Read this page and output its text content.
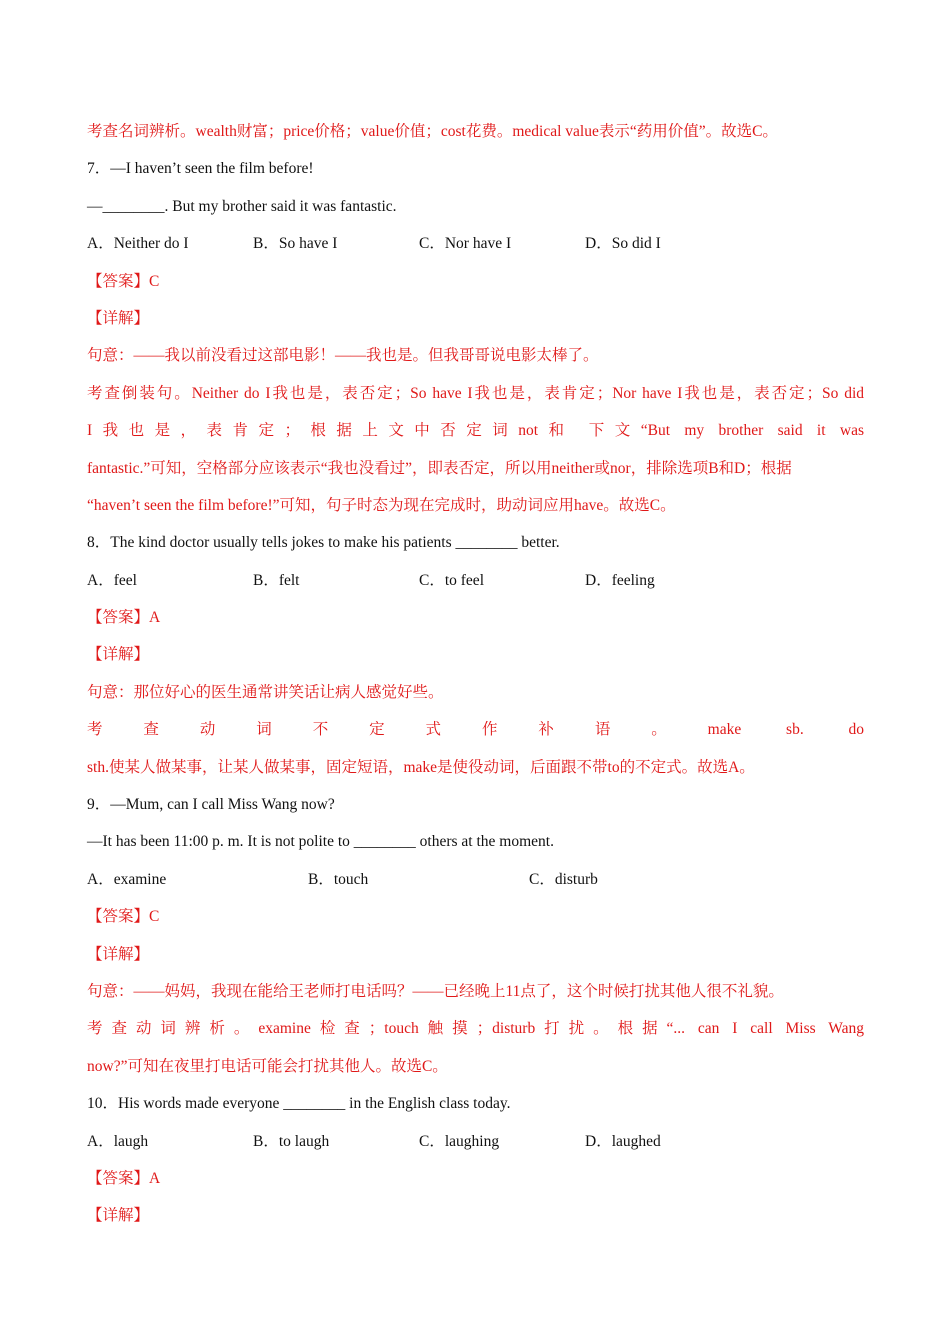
考查名词辨析。wealth财富；price价格；value价值；cost花费。medical value表示“药用价值”。故选C。
7．—I haven’t seen the film before!
—________. But my brother said it was fantastic.
A．Neither do I	B．So have I	C．Nor have I	D．So did I
【答案】C
【详解】
句意：——我以前没看过这部电影！——我也是。但我哥哥说电影太棒了。
考查倒装句。Neither do I我也是，表否定；So have I我也是，表肯定；Nor have I我也是，表否定；So did
I我也是，表肯定；根据上文中否定词not和 下文“But my brother said it was
fantastic.”可知，空格部分应该表示“我也没看过”，即表否定，所以用neither或nor，排除选项B和D；根据
“haven’t seen the film before!”可知，句子时态为现在完成时，助动词应用have。故选C。
8．The kind doctor usually tells jokes to make his patients ________ better.
A．feel	B．felt	C．to feel	D．feeling
【答案】A
【详解】
句意：那位好心的医生通常讲笑话让病人感觉好些。
考查动词不定式作补语。make sb. do
sth.使某人做某事，让某人做某事，固定短语，make是使役动词，后面跟不带to的不定式。故选A。
9．—Mum, can I call Miss Wang now?
—It has been 11:00 p. m. It is not polite to ________ others at the moment.
A．examine	B．touch	C．disturb
【答案】C
【详解】
句意：——妈妈，我现在能给王老师打电话吗？——已经晚上11点了，这个时候打扰其他人很不礼貌。
考查动词辨析。examine检查；touch触摸；disturb打扰。根据“... can I call Miss Wang
now?”可知在夜里打电话可能会打扰其他人。故选C。
10．His words made everyone ________ in the English class today.
A．laugh	B．to laugh	C．laughing	D．laughed
【答案】A
【详解】
